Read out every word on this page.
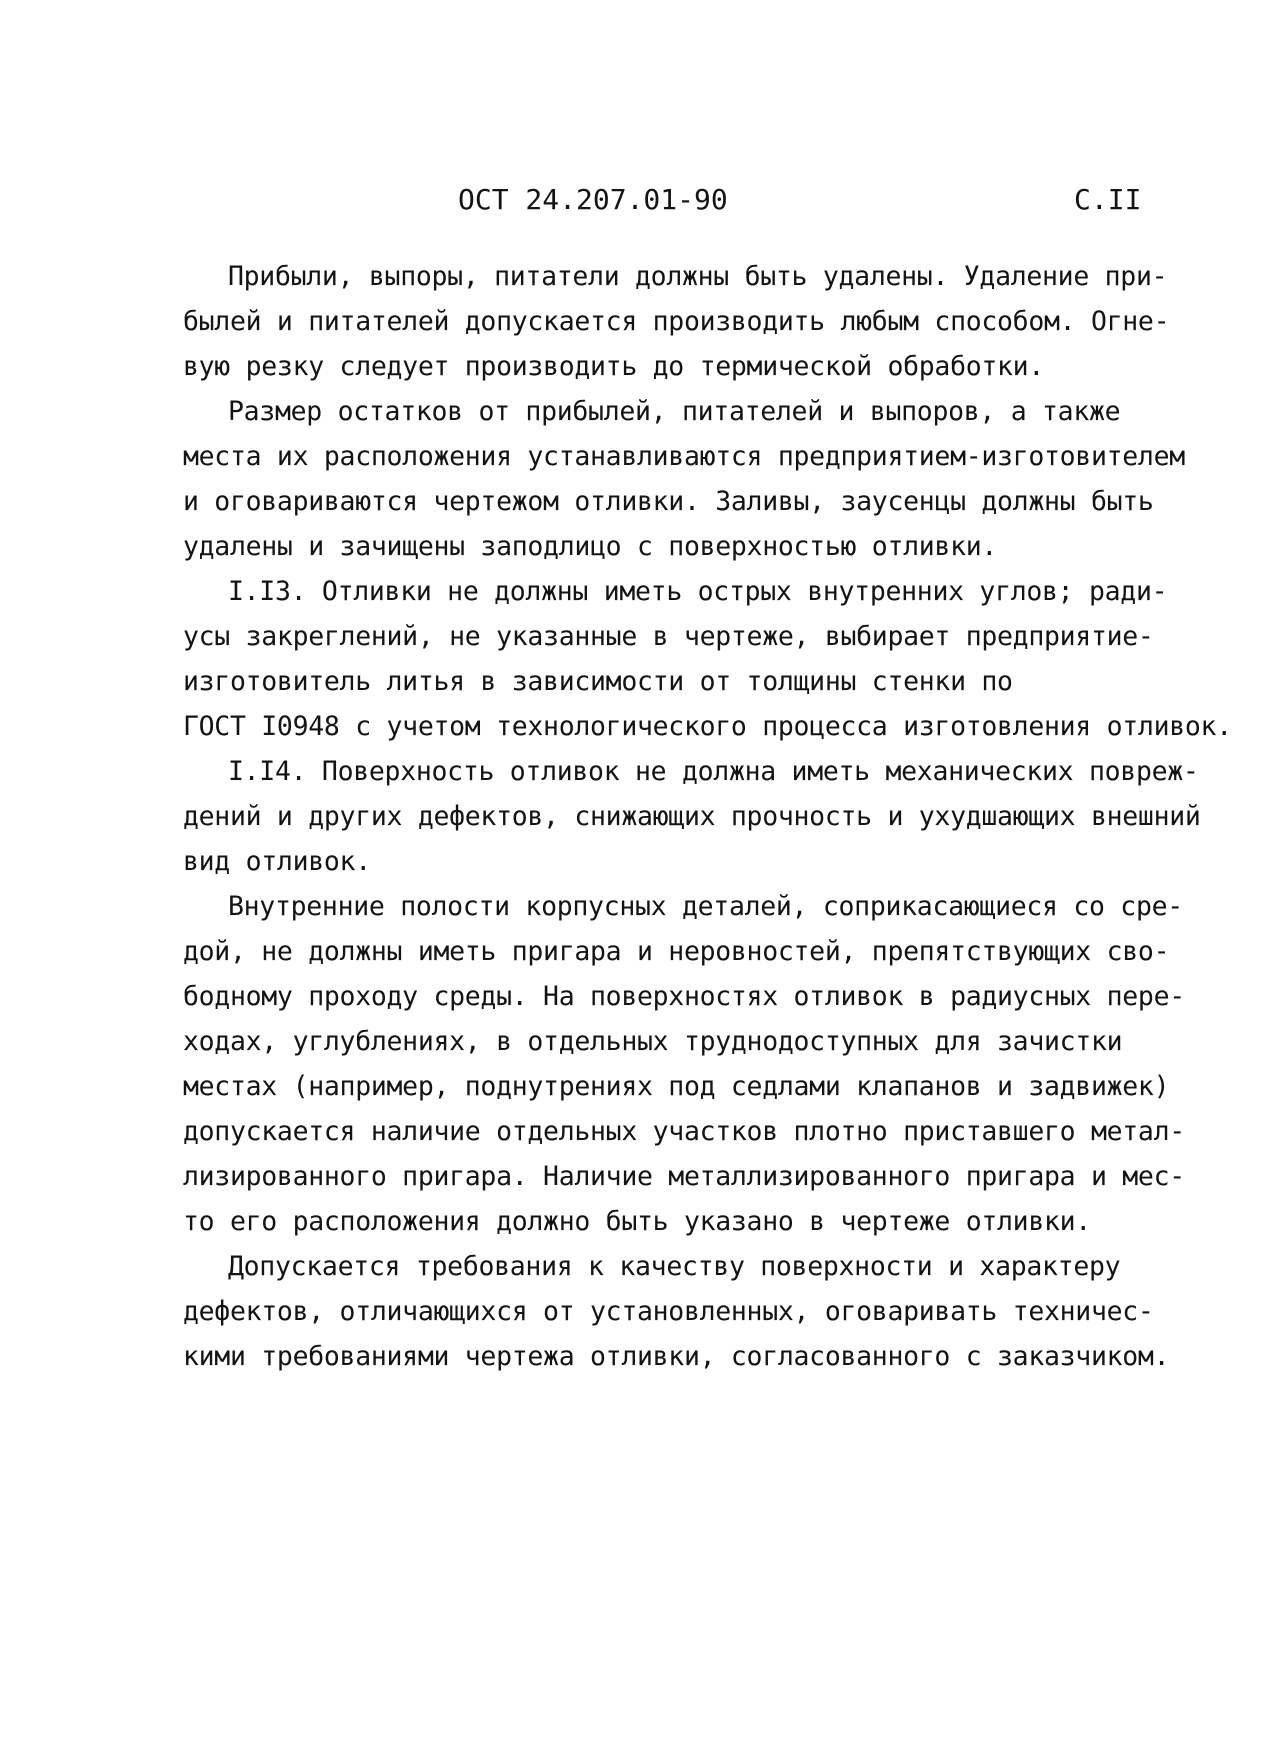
ОСТ 24.207.01-90	С.II
Прибыли, выпоры, питатели должны быть удалены. Удаление при-
былей и питателей допускается производить любым способом. Огне-
вую резку следует производить до термической обработки.
Размер остатков от прибылей, питателей и выпоров, а также
места их расположения устанавливаются предприятием-изготовителем
и оговариваются чертежом отливки. Заливы, заусенцы должны быть
удалены и зачищены заподлицо с поверхностью отливки.
I.I3. Отливки не должны иметь острых внутренних углов; ради-
усы закреглений, не указанные в чертеже, выбирает предприятие-
изготовитель литья в зависимости от толщины стенки по
ГОСТ I0948 с учетом технологического процесса изготовления отливок.
I.I4. Поверхность отливок не должна иметь механических повреж-
дений и других дефектов, снижающих прочность и ухудшающих внешний
вид отливок.
Внутренние полости корпусных деталей, соприкасающиеся со сре-
дой, не должны иметь пригара и неровностей, препятствующих сво-
бодному проходу среды. На поверхностях отливок в радиусных пере-
ходах, углублениях, в отдельных труднодоступных для зачистки
местах (например, поднутрениях под седлами клапанов и задвижек)
допускается наличие отдельных участков плотно приставшего метал-
лизированного пригара. Наличие металлизированного пригара и мес-
то его расположения должно быть указано в чертеже отливки.
Допускается требования к качеству поверхности и характеру
дефектов, отличающихся от установленных, оговаривать техничес-
кими требованиями чертежа отливки, согласованного с заказчиком.
